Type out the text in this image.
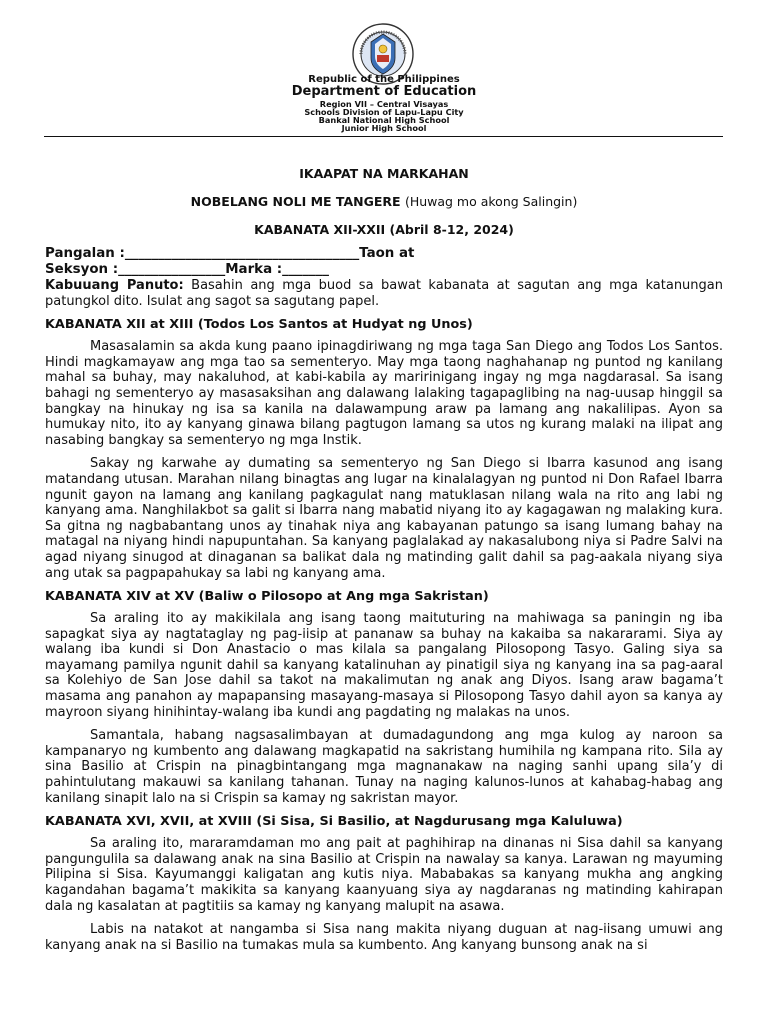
Republic of the Philippines
Department of Education
Region VII – Central Visayas
Schools Division of Lapu-Lapu City
Bankal National High School
Junior High School
IKAAPAT NA MARKAHAN
NOBELANG NOLI ME TANGERE (Huwag mo akong Salingin)
KABANATA XII-XXII (Abril 8-12, 2024)
Pangalan :___________________________________Taon at
Seksyon :________________Marka :_______

Kabuuang Panuto: Basahin ang mga buod sa bawat kabanata at sagutan ang mga katanungan patungkol dito. Isulat ang sagot sa sagutang papel.

KABANATA XII at XIII (Todos Los Santos at Hudyat ng Unos)

Masasalamin sa akda kung paano ipinagdiriwang ng mga taga San Diego ang Todos Los Santos. Hindi magkamayaw ang mga tao sa sementeryo. May mga taong naghahanap ng puntod ng kanilang mahal sa buhay, may nakaluhod, at kabi-kabila ay maririnigang ingay ng mga nagdarasal. Sa isang bahagi ng sementeryo ay masasaksihan ang dalawang lalaking tagapaglibing na nag-uusap hinggil sa bangkay na hinukay ng isa sa kanila na dalawampung araw pa lamang ang nakalilipas. Ayon sa humukay nito, ito ay kanyang ginawa bilang pagtugon lamang sa utos ng kurang malaki na ilipat ang nasabing bangkay sa sementeryo ng mga Instik.

Sakay ng karwahe ay dumating sa sementeryo ng San Diego si Ibarra kasunod ang isang matandang utusan. Marahan nilang binagtas ang lugar na kinalalagyan ng puntod ni Don Rafael Ibarra ngunit gayon na lamang ang kanilang pagkagulat nang matuklasan nilang wala na rito ang labi ng kanyang ama. Nanghilakbot sa galit si Ibarra nang mabatid niyang ito ay kagagawan ng malaking kura. Sa gitna ng nagbabantang unos ay tinahak niya ang kabayanan patungo sa isang lumang bahay na matagal na niyang hindi napupuntahan. Sa kanyang paglalakad ay nakasalubong niya si Padre Salvi na agad niyang sinugod at dinaganan sa balikat dala ng matinding galit dahil sa pag-aakala niyang siya ang utak sa pagpapahukay sa labi ng kanyang ama.

KABANATA XIV at XV (Baliw o Pilosopo at Ang mga Sakristan)

Sa araling ito ay makikilala ang isang taong maituturing na mahiwaga sa paningin ng iba sapagkat siya ay nagtataglay ng pag-iisip at pananaw sa buhay na kakaiba sa nakararami. Siya ay walang iba kundi si Don Anastacio o mas kilala sa pangalang Pilosopong Tasyo. Galing siya sa mayamang pamilya ngunit dahil sa kanyang katalinuhan ay pinatigil siya ng kanyang ina sa pag-aaral sa Kolehiyo de San Jose dahil sa takot na makalimutan ng anak ang Diyos. Isang araw bagama’t masama ang panahon ay mapapansing masayang-masaya si Pilosopong Tasyo dahil ayon sa kanya ay mayroon siyang hinihintay-walang iba kundi ang pagdating ng malakas na unos.

Samantala, habang nagsasalimbayan at dumadagundong ang mga kulog ay naroon sa kampanaryo ng kumbento ang dalawang magkapatid na sakristang humihila ng kampana rito. Sila ay sina Basilio at Crispin na pinagbintangang mga magnanakaw na naging sanhi upang sila’y di pahintulutang makauwi sa kanilang tahanan. Tunay na naging kalunos-lunos at kahabag-habag ang kanilang sinapit lalo na si Crispin sa kamay ng sakristan mayor.

KABANATA XVI, XVII, at XVIII (Si Sisa, Si Basilio, at Nagdurusang mga Kaluluwa)

Sa araling ito, mararamdaman mo ang pait at paghihirap na dinanas ni Sisa dahil sa kanyang pangungulila sa dalawang anak na sina Basilio at Crispin na nawalay sa kanya. Larawan ng mayuming Pilipina si Sisa. Kayumanggi kaligatan ang kutis niya. Mababakas sa kanyang mukha ang angking kagandahan bagama’t makikita sa kanyang kaanyuang siya ay nagdaranas ng matinding kahirapan dala ng kasalatan at pagtitiis sa kamay ng kanyang malupit na asawa.

Labis na natakot at nangamba si Sisa nang makita niyang duguan at nag-iisang umuwi ang kanyang anak na si Basilio na tumakas mula sa kumbento. Ang kanyang bunsong anak na si
